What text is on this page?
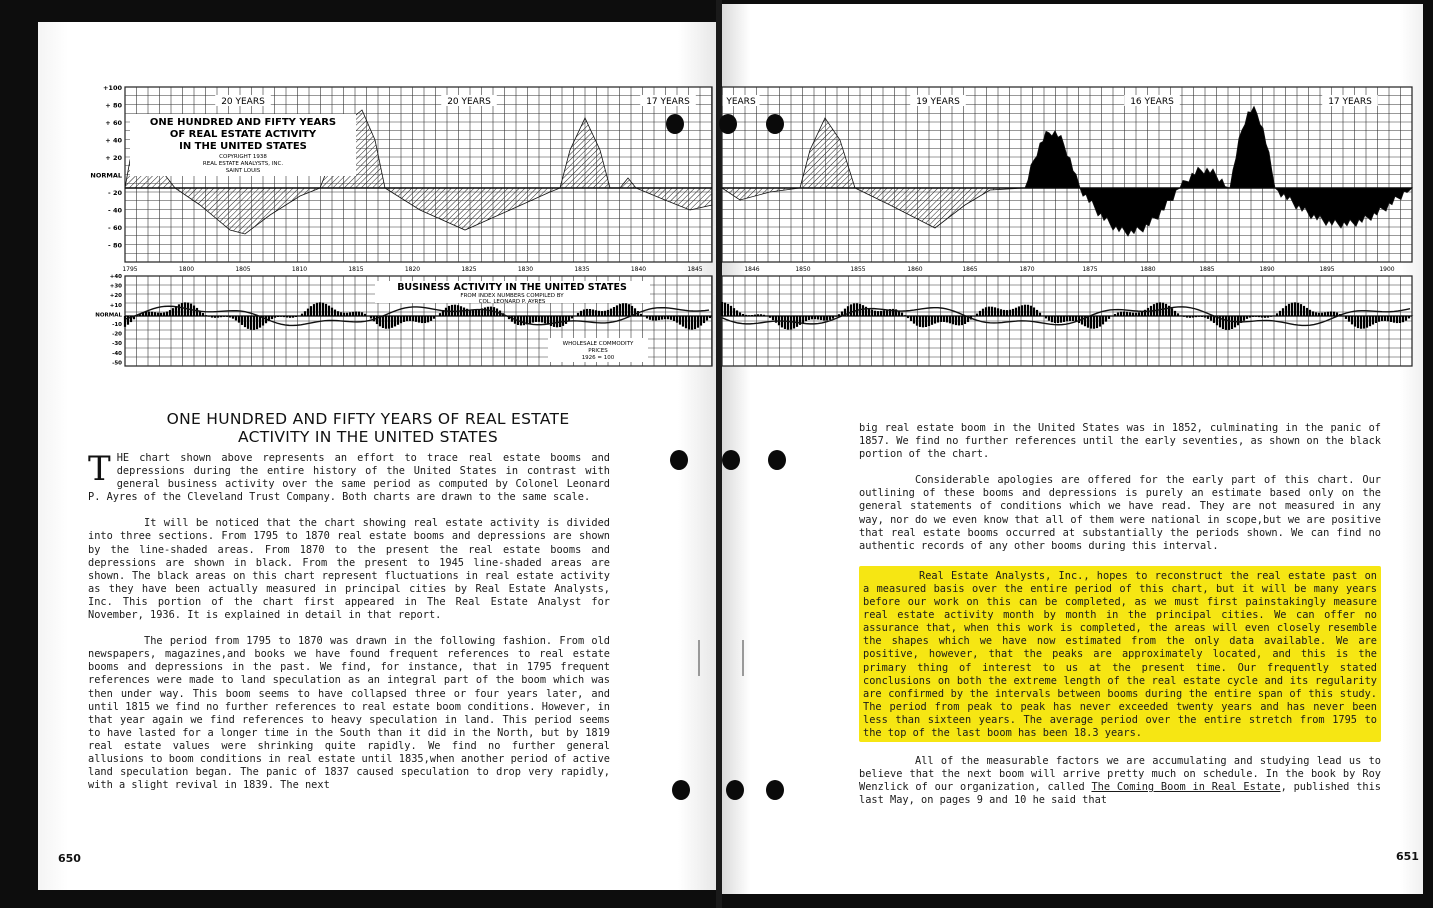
+100
+ 80
+ 60
+ 40
+ 20
NORMAL
- 20
- 40
- 60
- 80
+40
+30
+20
+10
NORMAL
-10
-20
-30
-40
-50
1795	1800	1805	1810	1815	1820	1825	1830	1835	1840	1845	1846	1850	1855	1860	1865	1870	1875	1880	1885	1890	1895	1900
20 YEARS	20 YEARS	17 YEARS	YEARS	19 YEARS	16 YEARS	17 YEARS
ONE HUNDRED AND FIFTY YEARS
OF REAL ESTATE ACTIVITY
IN THE UNITED STATES
COPYRIGHT 1938
REAL ESTATE ANALYSTS, INC.
SAINT LOUIS
BUSINESS ACTIVITY IN THE UNITED STATES
FROM INDEX NUMBERS COMPILED BY
COL. LEONARD P. AYRES
WHOLESALE COMMODITY
PRICES
1926 = 100
ONE HUNDRED AND FIFTY YEARS OF REAL ESTATE
ACTIVITY IN THE UNITED STATES

THE chart shown above represents an effort to trace real estate booms and depressions during the entire history of the United States in contrast with general business activity over the same period as computed by Colonel Leonard P. Ayres of the Cleveland Trust Company. Both charts are drawn to the same scale.

It will be noticed that the chart showing real estate activity is divided into three sections. From 1795 to 1870 real estate booms and depressions are shown by the line-shaded areas. From 1870 to the present the real estate booms and depressions are shown in black. From the present to 1945 line-shaded areas are shown. The black areas on this chart represent fluctuations in real estate activity as they have been actually measured in principal cities by Real Estate Analysts, Inc. This portion of the chart first appeared in The Real Estate Analyst for November, 1936. It is explained in detail in that report.

The period from 1795 to 1870 was drawn in the following fashion. From old newspapers, magazines,and books we have found frequent references to real estate booms and depressions in the past. We find, for instance, that in 1795 frequent references were made to land speculation as an integral part of the boom which was then under way. This boom seems to have collapsed three or four years later, and until 1815 we find no further references to real estate boom conditions. However, in that year again we find references to heavy speculation in land. This period seems to have lasted for a longer time in the South than it did in the North, but by 1819 real estate values were shrinking quite rapidly. We find no further general allusions to boom conditions in real estate until 1835,when another period of active land speculation began. The panic of 1837 caused speculation to drop very rapidly, with a slight revival in 1839. The next

big real estate boom in the United States was in 1852, culminating in the panic of 1857. We find no further references until the early seventies, as shown on the black portion of the chart.

Considerable apologies are offered for the early part of this chart. Our outlining of these booms and depressions is purely an estimate based only on the general statements of conditions which we have read. They are not measured in any way, nor do we even know that all of them were national in scope,but we are positive that real estate booms occurred at substantially the periods shown. We can find no authentic records of any other booms during this interval.

Real Estate Analysts, Inc., hopes to reconstruct the real estate past on a measured basis over the entire period of this chart, but it will be many years before our work on this can be completed, as we must first painstakingly measure real estate activity month by month in the principal cities. We can offer no assurance that, when this work is completed, the areas will even closely resemble the shapes which we have now estimated from the only data available. We are positive, however, that the peaks are approximately located, and this is the primary thing of interest to us at the present time. Our frequently stated conclusions on both the extreme length of the real estate cycle and its regularity are confirmed by the intervals between booms during the entire span of this study. The period from peak to peak has never exceeded twenty years and has never been less than sixteen years. The average period over the entire stretch from 1795 to the top of the last boom has been 18.3 years.

All of the measurable factors we are accumulating and studying lead us to believe that the next boom will arrive pretty much on schedule. In the book by Roy Wenzlick of our organization, called The Coming Boom in Real Estate, published this last May, on pages 9 and 10 he said that

650	651
